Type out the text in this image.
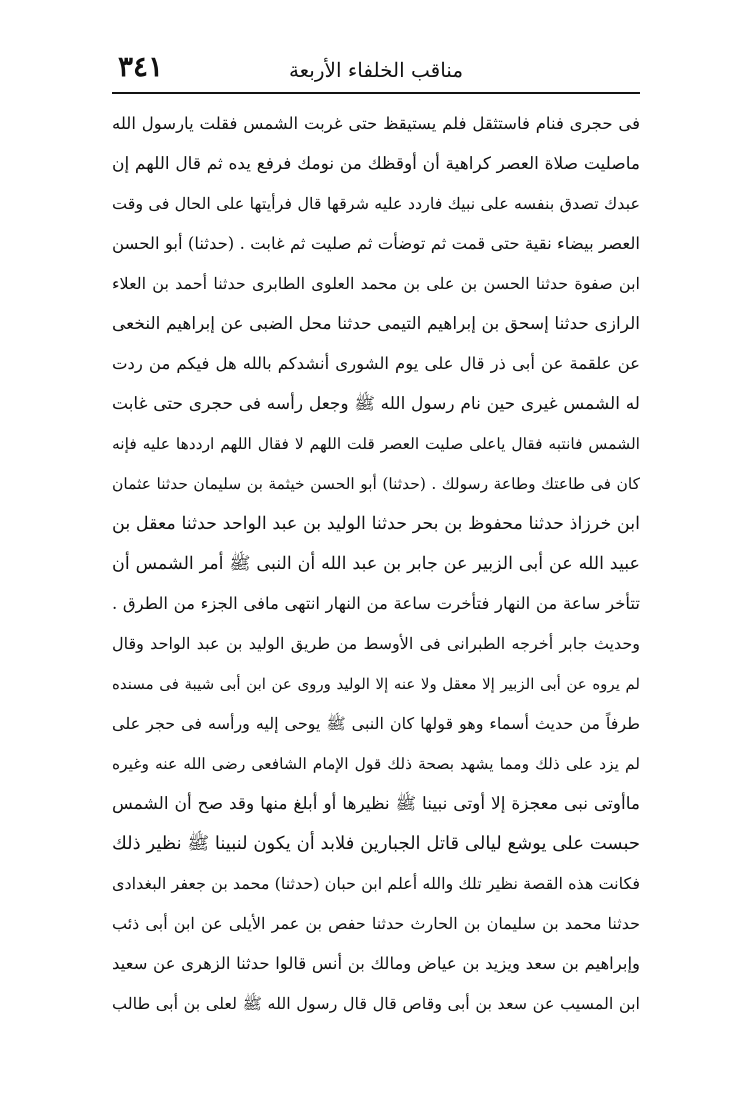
٣٤١	مناقب الخلفاء الأربعة
فى حجرى فنام فاستثقل فلم يستيقظ حتى غربت الشمس فقلت يارسول الله
ماصليت صلاة العصر كراهية أن أوقظك من نومك فرفع يده ثم قال اللهم إن
عبدك تصدق بنفسه على نبيك فاردد عليه شرقها قال فرأيتها على الحال فى وقت
العصر بيضاء نقية حتى قمت ثم توضأت ثم صليت ثم غابت . (حدثنا) أبو الحسن
ابن صفوة حدثنا الحسن بن على بن محمد العلوى الطابرى حدثنا أحمد بن العلاء
الرازى حدثنا إسحق بن إبراهيم التيمى حدثنا محل الضبى عن إبراهيم النخعى
عن علقمة عن أبى ذر قال على يوم الشورى أنشدكم بالله هل فيكم من ردت
له الشمس غيرى حين نام رسول الله ﷺ وجعل رأسه فى حجرى حتى غابت
الشمس فانتبه فقال ياعلى صليت العصر قلت اللهم لا فقال اللهم ارددها عليه فإنه
كان فى طاعتك وطاعة رسولك . (حدثنا) أبو الحسن خيثمة بن سليمان حدثنا عثمان
ابن خرزاذ حدثنا محفوظ بن بحر حدثنا الوليد بن عبد الواحد حدثنا معقل بن
عبيد الله عن أبى الزبير عن جابر بن عبد الله أن النبى ﷺ أمر الشمس أن
تتأخر ساعة من النهار فتأخرت ساعة من النهار انتهى مافى الجزء من الطرق .
وحديث جابر أخرجه الطبرانى فى الأوسط من طريق الوليد بن عبد الواحد وقال
لم يروه عن أبى الزبير إلا معقل ولا عنه إلا الوليد وروى عن ابن أبى شيبة فى مسنده
طرفاً من حديث أسماء وهو قولها كان النبى ﷺ يوحى إليه ورأسه فى حجر على
لم يزد على ذلك ومما يشهد بصحة ذلك قول الإمام الشافعى رضى الله عنه وغيره
ماأوتى نبى معجزة إلا أوتى نبينا ﷺ نظيرها أو أبلغ منها وقد صح أن الشمس
حبست على يوشع ليالى قاتل الجبارين فلابد أن يكون لنبينا ﷺ نظير ذلك
فكانت هذه القصة نظير تلك والله أعلم ابن حبان (حدثنا) محمد بن جعفر البغدادى
حدثنا محمد بن سليمان بن الحارث حدثنا حفص بن عمر الأيلى عن ابن أبى ذئب
وإبراهيم بن سعد ويزيد بن عياض ومالك بن أنس قالوا حدثنا الزهرى عن سعيد
ابن المسيب عن سعد بن أبى وقاص قال قال رسول الله ﷺ لعلى بن أبى طالب
